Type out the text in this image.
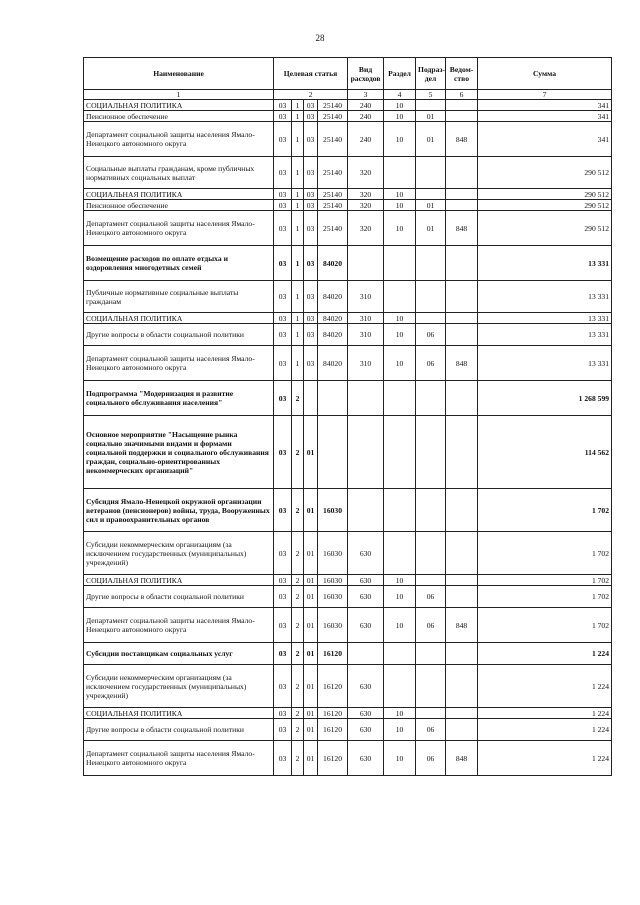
28
Наименование	Целевая статья				Вид расходов	Раздел	Подраз-дел	Ведом-ство	Сумма
1	2				3	4	5	6	7
СОЦИАЛЬНАЯ ПОЛИТИКА	03	1	03	25140	240	10			341
Пенсионное обеспечение	03	1	03	25140	240	10	01		341
Департамент социальной защиты населения Ямало-Ненецкого автономного округа	03	1	03	25140	240	10	01	848	341
Социальные выплаты гражданам, кроме публичных нормативных социальных выплат	03	1	03	25140	320				290 512
СОЦИАЛЬНАЯ ПОЛИТИКА	03	1	03	25140	320	10			290 512
Пенсионное обеспечение	03	1	03	25140	320	10	01		290 512
Департамент социальной защиты населения Ямало-Ненецкого автономного округа	03	1	03	25140	320	10	01	848	290 512
Возмещение расходов по оплате отдыха и оздоровления многодетных семей	03	1	03	84020					13 331
Публичные нормативные социальные выплаты гражданам	03	1	03	84020	310				13 331
СОЦИАЛЬНАЯ ПОЛИТИКА	03	1	03	84020	310	10			13 331
Другие вопросы в области социальной политики	03	1	03	84020	310	10	06		13 331
Департамент социальной защиты населения Ямало-Ненецкого автономного округа	03	1	03	84020	310	10	06	848	13 331
Подпрограмма "Модернизация и развитие социального обслуживания населения"	03	2							1 268 599
Основное мероприятие "Насыщение рынка социально значимыми видами и формами социальной поддержки и социального обслуживания граждан, социально-ориентированных некоммерческих организаций"	03	2	01						114 562
Субсидия Ямало-Ненецкой окружной организации ветеранов (пенсионеров) войны, труда, Вооруженных сил и правоохранительных органов	03	2	01	16030					1 702
Субсидии некоммерческим организациям (за исключением государственных (муниципальных) учреждений)	03	2	01	16030	630				1 702
СОЦИАЛЬНАЯ ПОЛИТИКА	03	2	01	16030	630	10			1 702
Другие вопросы в области социальной политики	03	2	01	16030	630	10	06		1 702
Департамент социальной защиты населения Ямало-Ненецкого автономного округа	03	2	01	16030	630	10	06	848	1 702
Субсидии поставщикам социальных услуг	03	2	01	16120					1 224
Субсидии некоммерческим организациям (за исключением государственных (муниципальных) учреждений)	03	2	01	16120	630				1 224
СОЦИАЛЬНАЯ ПОЛИТИКА	03	2	01	16120	630	10			1 224
Другие вопросы в области социальной политики	03	2	01	16120	630	10	06		1 224
Департамент социальной защиты населения Ямало-Ненецкого автономного округа	03	2	01	16120	630	10	06	848	1 224
